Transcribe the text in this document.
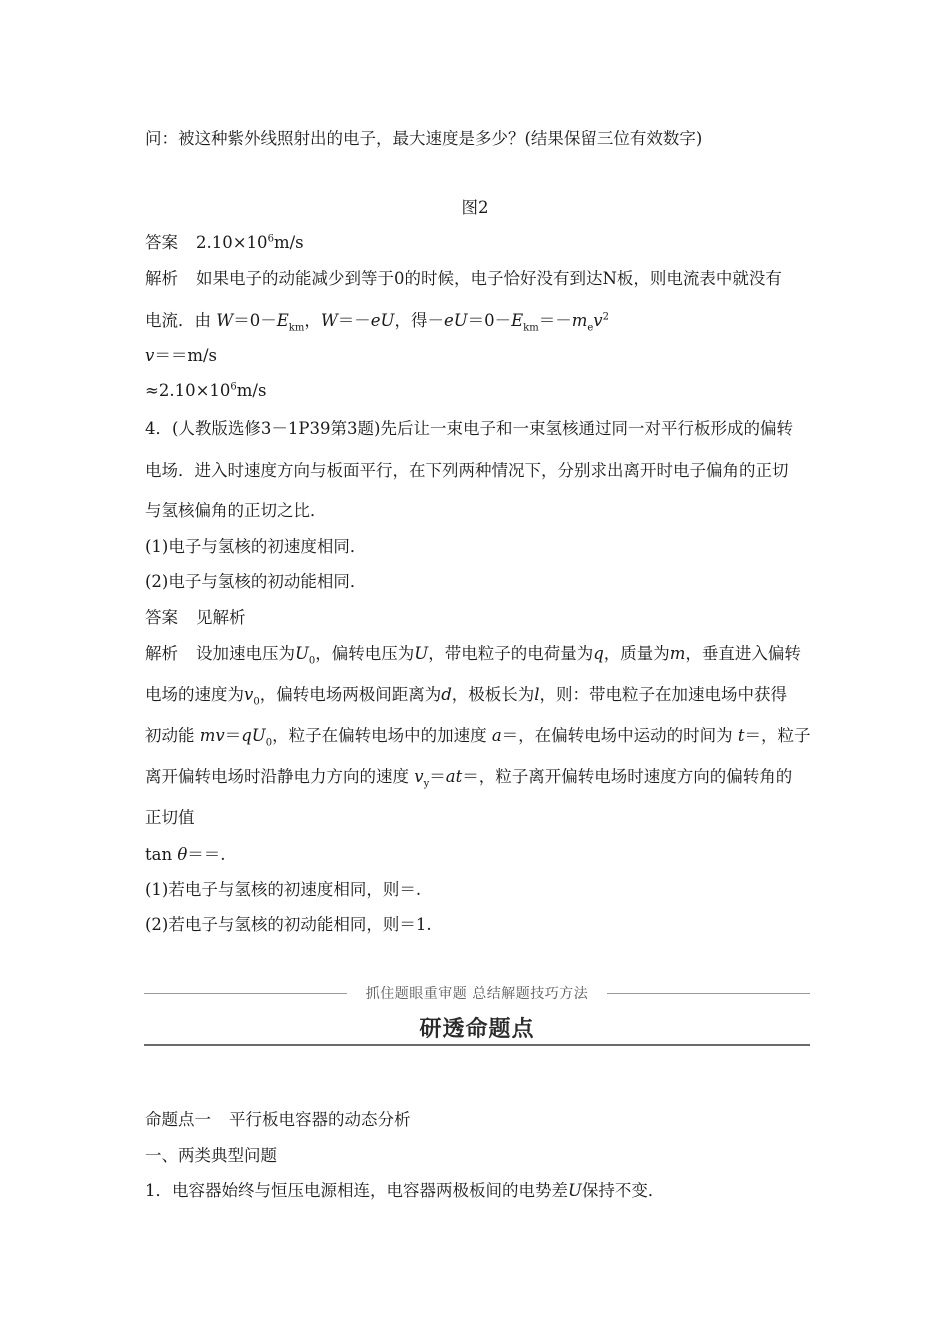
问：被这种紫外线照射出的电子，最大速度是多少？(结果保留三位有效数字)
图2
答案 $2.10\times 10^6m/s$
解析 如果电子的动能减少到等于0的时候，电子恰好没有到达N板，则电流表中就没有
电流．由 $W=0-E_{km}$，W＝－eU，得$-eU=0-E_{km}=-m_ev^2$
v＝＝m/s
$\approx 2.10\times 10^6m/s$
4．(人教版选修3－1P39第3题)先后让一束电子和一束氢核通过同一对平行板形成的偏转
电场．进入时速度方向与板面平行，在下列两种情况下，分别求出离开时电子偏角的正切
与氢核偏角的正切之比．
(1)电子与氢核的初速度相同．
(2)电子与氢核的初动能相同．
答案 见解析
解析 设加速电压为$U_0$，偏转电压为U，带电粒子的电荷量为q，质量为m，垂直进入偏转
电场的速度为$v_0$，偏转电场两极间距离为d，极板长为l，则：带电粒子在加速电场中获得
初动能 $mv=qU_0$，粒子在偏转电场中的加速度 a＝，在偏转电场中运动的时间为 t＝，粒子
离开偏转电场时沿静电力方向的速度 $v_y=at=$，粒子离开偏转电场时速度方向的偏转角的
正切值
tan θ＝＝.
(1)若电子与氢核的初速度相同，则＝.
(2)若电子与氢核的初动能相同，则＝1.
抓住题眼重审题 总结解题技巧方法
研透命题点
命题点一 平行板电容器的动态分析
一、两类典型问题
1．电容器始终与恒压电源相连，电容器两极板间的电势差U保持不变．
